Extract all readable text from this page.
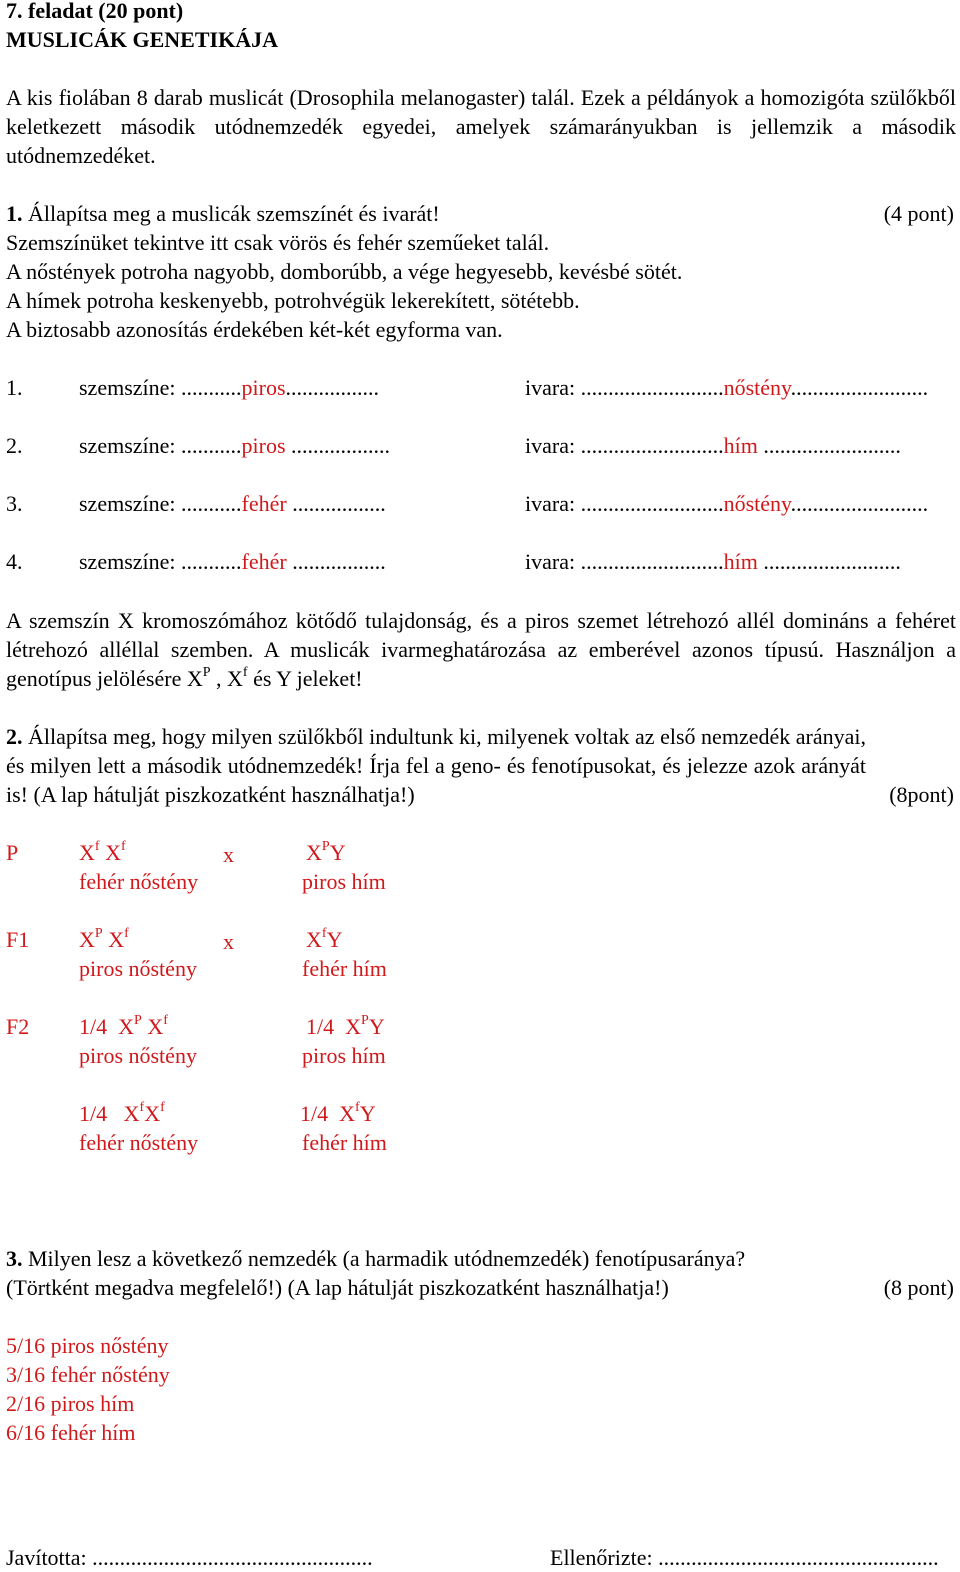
7. feladat (20 pont)
MUSLICÁK GENETIKÁJA
A kis fiolában 8 darab muslicát (Drosophila melanogaster) talál. Ezek a példányok a homozigóta szülőkből keletkezett második utódnemzedék egyedei, amelyek számarányukban is jellemzik a második utódnemzedéket.
1. Állapítsa meg a muslicák szemszínét és ivarát!	(4 pont)
Szemszínüket tekintve itt csak vörös és fehér szeműeket talál.
A nőstények potroha nagyobb, domborúbb, a vége hegyesebb, kevésbé sötét.
A hímek potroha keskenyebb, potrohvégük lekerekített, sötétebb.
A biztosabb azonosítás érdekében két-két egyforma van.
1.	szemszíne: ...........piros.................	ivara: ..........................nőstény.........................
2.	szemszíne: ...........piros ..................	ivara: ..........................hím .........................
3.	szemszíne: ...........fehér .................	ivara: ..........................nőstény.........................
4.	szemszíne: ...........fehér .................	ivara: ..........................hím .........................
A szemszín X kromoszómához kötődő tulajdonság, és a piros szemet létrehozó allél domináns a fehéret létrehozó alléllal szemben. A muslicák ivarmeghatározása az emberével azonos típusú. Használjon a genotípus jelölésére $X^P$ , $X^f$ és Y jeleket!
2. Állapítsa meg, hogy milyen szülőkből indultunk ki, milyenek voltak az első nemzedék arányai, és milyen lett a második utódnemzedék! Írja fel a geno- és fenotípusokat, és jelezze azok arányát is! (A lap hátulját piszkozatként használhatja!)	(8pont)
P	$X^f$ $X^f$	x	$X^PY$
fehér nőstény	piros hím
F1 $X^P$ $X^f$	x	$X^fY$
piros nőstény	fehér hím
F2 1/4 $X^P$ $X^f$	1/4 $X^PY$
piros nőstény	piros hím
1/4 $X^fX^f$	1/4 $X^fY$
fehér nőstény	fehér hím
3. Milyen lesz a következő nemzedék (a harmadik utódnemzedék) fenotípusaránya?
(Törtként megadva megfelelő!) (A lap hátulját piszkozatként használhatja!)	(8 pont)
5/16 piros nőstény
3/16 fehér nőstény
2/16 piros hím
6/16 fehér hím
Javította: ...................................................	Ellenőrizte: ...................................................
